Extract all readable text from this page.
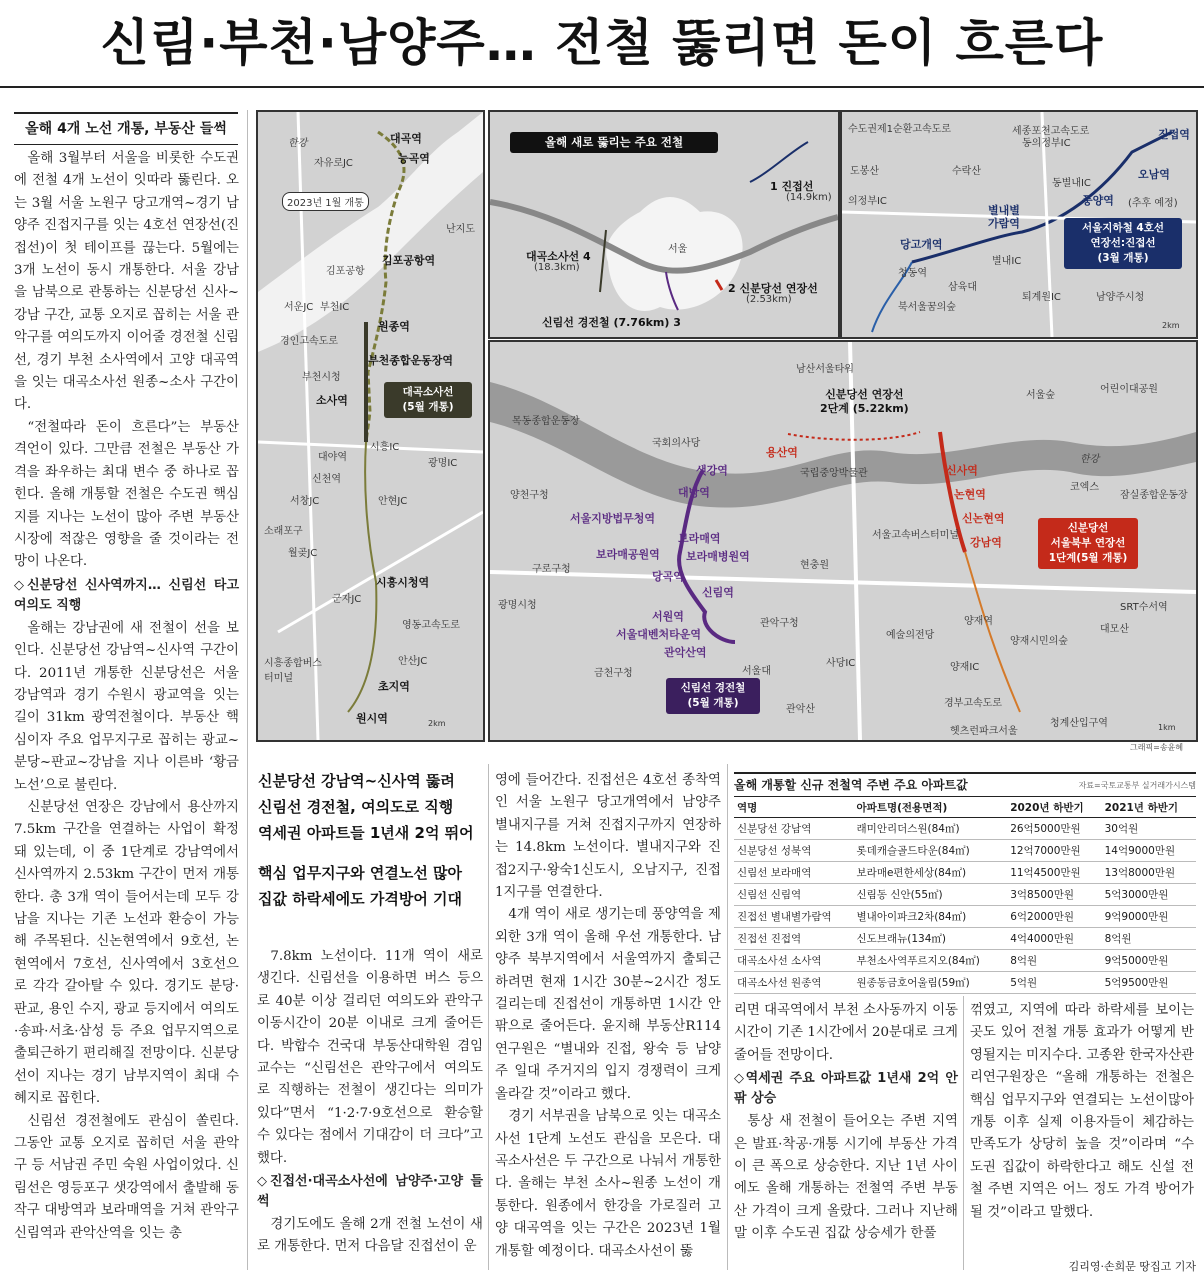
신림·부천·남양주… 전철 뚫리면 돈이 흐른다
올해 4개 노선 개통, 부동산 들썩

올해 3월부터 서울을 비롯한 수도권에 전철 4개 노선이 잇따라 뚫린다. 오는 3월 서울 노원구 당고개역~경기 남양주 진접지구를 잇는 4호선 연장선(진접선)이 첫 테이프를 끊는다. 5월에는 3개 노선이 동시 개통한다. 서울 강남을 남북으로 관통하는 신분당선 신사~강남 구간, 교통 오지로 꼽히는 서울 관악구를 여의도까지 이어줄 경전철 신림선, 경기 부천 소사역에서 고양 대곡역을 잇는 대곡소사선 원종~소사 구간이다.

“전철따라 돈이 흐른다”는 부동산 격언이 있다. 그만큼 전철은 부동산 가격을 좌우하는 최대 변수 중 하나로 꼽힌다. 올해 개통할 전철은 수도권 핵심지를 지나는 노선이 많아 주변 부동산 시장에 적잖은 영향을 줄 것이라는 전망이 나온다.

◇신분당선 신사역까지… 신림선 타고 여의도 직행

올해는 강남권에 새 전철이 선을 보인다. 신분당선 강남역~신사역 구간이다. 2011년 개통한 신분당선은 서울 강남역과 경기 수원시 광교역을 잇는 길이 31km 광역전철이다. 부동산 핵심이자 주요 업무지구로 꼽히는 광교~분당~판교~강남을 지나 이른바 ‘황금노선’으로 불린다.

신분당선 연장은 강남에서 용산까지 7.5km 구간을 연결하는 사업이 확정돼 있는데, 이 중 1단계로 강남역에서 신사역까지 2.53km 구간이 먼저 개통한다. 총 3개 역이 들어서는데 모두 강남을 지나는 기존 노선과 환승이 가능해 주목된다. 신논현역에서 9호선, 논현역에서 7호선, 신사역에서 3호선으로 각각 갈아탈 수 있다. 경기도 분당·판교, 용인 수지, 광교 등지에서 여의도·송파·서초·삼성 등 주요 업무지역으로 출퇴근하기 편리해질 전망이다. 신분당선이 지나는 경기 남부지역이 최대 수혜지로 꼽힌다.

신림선 경전철에도 관심이 쏠린다. 그동안 교통 오지로 꼽히던 서울 관악구 등 서남권 주민 숙원 사업이었다. 신림선은 영등포구 샛강역에서 출발해 동작구 대방역과 보라매역을 거쳐 관악구 신림역과 관악산역을 잇는 총

신분당선 강남역~신사역 뚫려
신림선 경전철, 여의도로 직행
역세권 아파트들 1년새 2억 뛰어
핵심 업무지구와 연결노선 많아
집값 하락세에도 가격방어 기대

7.8km 노선이다. 11개 역이 새로 생긴다. 신림선을 이용하면 버스 등으로 40분 이상 걸리던 여의도와 관악구 이동시간이 20분 이내로 크게 줄어든다. 박합수 건국대 부동산대학원 겸임교수는 “신림선은 관악구에서 여의도로 직행하는 전철이 생긴다는 의미가 있다”면서 “1·2·7·9호선으로 환승할 수 있다는 점에서 기대감이 더 크다”고 했다.

◇진접선·대곡소사선에 남양주·고양 들썩

경기도에도 올해 2개 전철 노선이 새로 개통한다. 먼저 다음달 진접선이 운

영에 들어간다. 진접선은 4호선 종착역인 서울 노원구 당고개역에서 남양주 별내지구를 거쳐 진접지구까지 연장하는 14.8km 노선이다. 별내지구와 진접2지구·왕숙1신도시, 오남지구, 진접1지구를 연결한다.

4개 역이 새로 생기는데 풍양역을 제외한 3개 역이 올해 우선 개통한다. 남양주 북부지역에서 서울역까지 출퇴근하려면 현재 1시간 30분~2시간 정도 걸리는데 진접선이 개통하면 1시간 안팎으로 줄어든다. 윤지해 부동산R114 연구원은 “별내와 진접, 왕숙 등 남양주 일대 주거지의 입지 경쟁력이 크게 올라갈 것”이라고 했다.

경기 서부권을 남북으로 잇는 대곡소사선 1단계 노선도 관심을 모은다. 대곡소사선은 두 구간으로 나눠서 개통한다. 올해는 부천 소사~원종 노선이 개통한다. 원종에서 한강을 가로질러 고양 대곡역을 잇는 구간은 2023년 1월 개통할 예정이다. 대곡소사선이 뚫

리면 대곡역에서 부천 소사동까지 이동 시간이 기존 1시간에서 20분대로 크게 줄어들 전망이다.

◇역세권 주요 아파트값 1년새 2억 안팎 상승

통상 새 전철이 들어오는 주변 지역은 발표·착공·개통 시기에 부동산 가격이 큰 폭으로 상승한다. 지난 1년 사이에도 올해 개통하는 전철역 주변 부동산 가격이 크게 올랐다. 그러나 지난해 말 이후 수도권 집값 상승세가 한풀

꺾였고, 지역에 따라 하락세를 보이는 곳도 있어 전철 개통 효과가 어떻게 반영될지는 미지수다. 고종완 한국자산관리연구원장은 “올해 개통하는 전철은 핵심 업무지구와 연결되는 노선이많아 개통 이후 실제 이용자들이 체감하는 만족도가 상당히 높을 것”이라며 “수도권 집값이 하락한다고 해도 신설 전철 주변 지역은 어느 정도 가격 방어가 될 것”이라고 말했다.

올해 개통할 신규 전철역 주변 주요 아파트값	자료=국토교통부 실거래가시스템
역명	아파트명(전용면적)	2020년 하반기	2021년 하반기
신분당선 강남역	래미안리더스원(84㎡)	26억5000만원	30억원
신분당선 성북역	롯데캐슬골드타운(84㎡)	12억7000만원	14억9000만원
신림선 보라매역	보라매e편한세상(84㎡)	11억4500만원	13억8000만원
신림선 신림역	신림동 신안(55㎡)	3억8500만원	5억3000만원
진접선 별내별가람역	별내아이파크2차(84㎡)	6억2000만원	9억9000만원
진접선 진접역	신도브래뉴(134㎡)	4억4000만원	8억원
대곡소사선 소사역	부천소사역푸르지오(84㎡)	8억원	9억5000만원
대곡소사선 원종역	원종동금호어울림(59㎡)	5억원	5억9500만원
2km
대곡역
능곡역
김포공항역
원종역
부천종합운동장역
소사역
시흥시청역
초지역
원시역
한강
자유로JC
난지도
김포공항
서운JC 부천IC
경인고속도로
부천시청
시흥IC
대야역
신천역
광명IC
서창JC	안현JC
소래포구
월곶JC
군자JC
영동고속도로
안산JC
시흥종합버스터미널
2023년 1월 개통
대곡소사선
(5월 개통)
올해 새로 뚫리는 주요 전철
1 진접선
(14.9km)
2 신분당선 연장선
(2.53km)
신림선 경전철 (7.76km) 3
대곡소사선 4
(18.3km)
서울
2km
진접역
오남역
풍양역 (추후 예정)
별내별가람역
당고개역
수도권제1순환고속도로	세종포천고속도로
동의정부IC
도봉산	수락산
의정부IC
동별내IC
별내IC
청동역
삼육대
북서울꿈의숲
퇴계원IC	남양주시청
서울지하철 4호선
연장선:진접선
(3월 개통)
1km
샛강역
대방역
서울지방법무청역
보라매역
보라매공원역 보라매병원역
당곡역
신림역
서원역
서울대벤처타운역
관악산역
용산역
신사역
논현역
신논현역
강남역
남산서울타워
서울숲
어린이대공원
목동종합운동장
국회의사당
국립중앙박물관
한강
코엑스
잠실종합운동장
양천구청
서울고속버스터미널
현충원
구로구청
광명시청
금천구청
관악구청
서울대
사당IC
예술의전당
양재역
양재IC
양재시민의숲
SRT수서역
대모산
관악산
경부고속도로
청계산입구역
헷츠런파크서울
신분당선 연장선
2단계 (5.22km)
신분당선
서울북부 연장선
1단계(5월 개통)
신림선 경전철
(5월 개통)
그래픽=송윤혜
김리영·손희문 땅집고 기자
